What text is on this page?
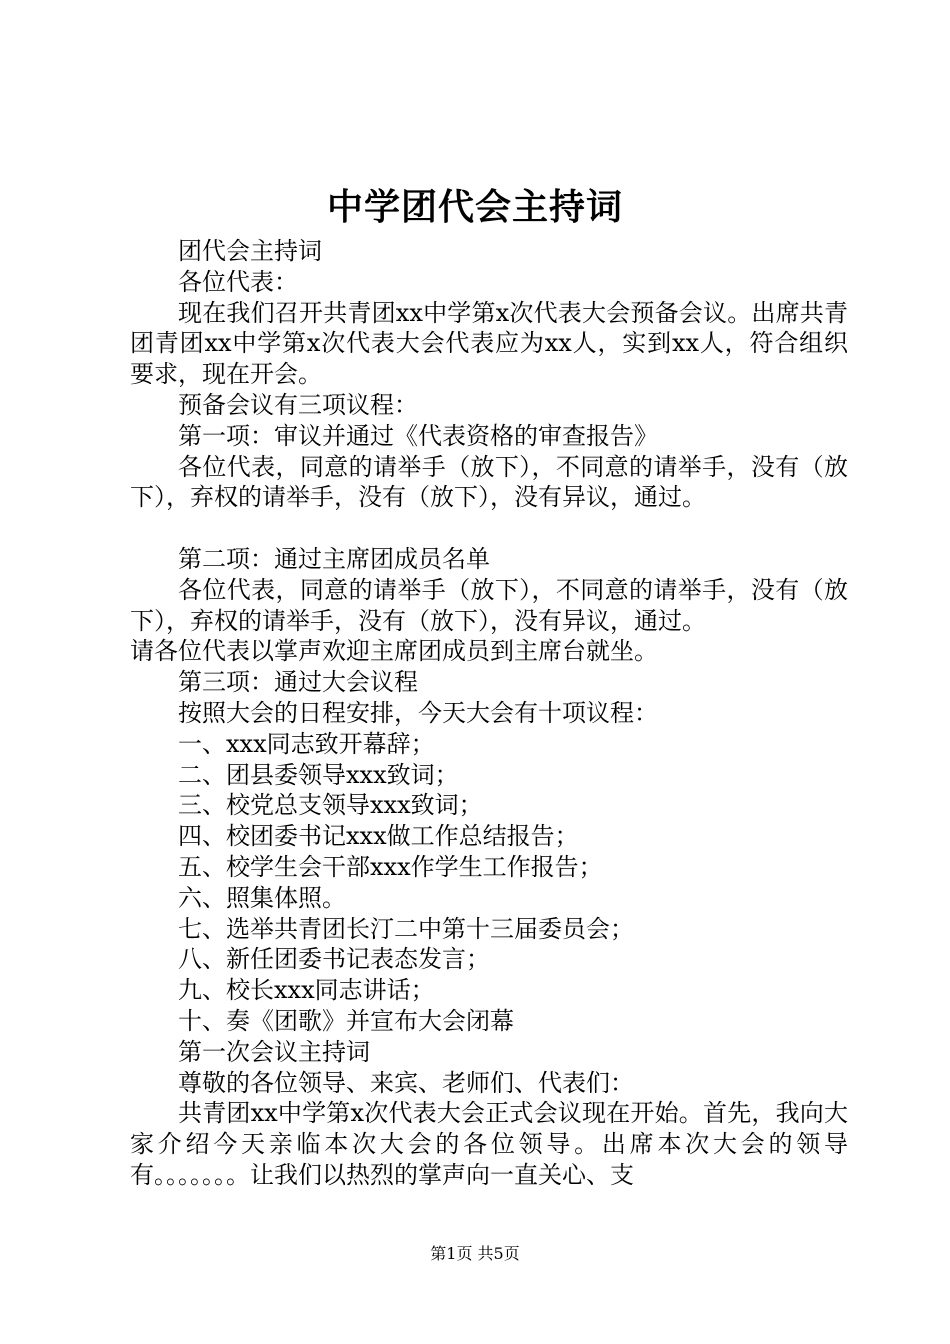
中学团代会主持词

团代会主持词

各位代表：

现在我们召开共青团xx中学第x次代表大会预备会议。出席共青团青团xx中学第x次代表大会代表应为xx人，实到xx人，符合组织要求，现在开会。

预备会议有三项议程：

第一项：审议并通过《代表资格的审查报告》

各位代表，同意的请举手（放下），不同意的请举手，没有（放下），弃权的请举手，没有（放下），没有异议，通过。

第二项：通过主席团成员名单

各位代表，同意的请举手（放下），不同意的请举手，没有（放下），弃权的请举手，没有（放下），没有异议，通过。

请各位代表以掌声欢迎主席团成员到主席台就坐。

第三项：通过大会议程

按照大会的日程安排，今天大会有十项议程：

一、xxx同志致开幕辞；

二、团县委领导xxx致词；

三、校党总支领导xxx致词；

四、校团委书记xxx做工作总结报告；

五、校学生会干部xxx作学生工作报告；

六、照集体照。

七、选举共青团长汀二中第十三届委员会；

八、新任团委书记表态发言；

九、校长xxx同志讲话；

十、奏《团歌》并宣布大会闭幕

第一次会议主持词

尊敬的各位领导、来宾、老师们、代表们：

共青团xx中学第x次代表大会正式会议现在开始。首先，我向大家介绍今天亲临本次大会的各位领导。出席本次大会的领导有。。。。。。。让我们以热烈的掌声向一直关心、支

第1页 共5页
